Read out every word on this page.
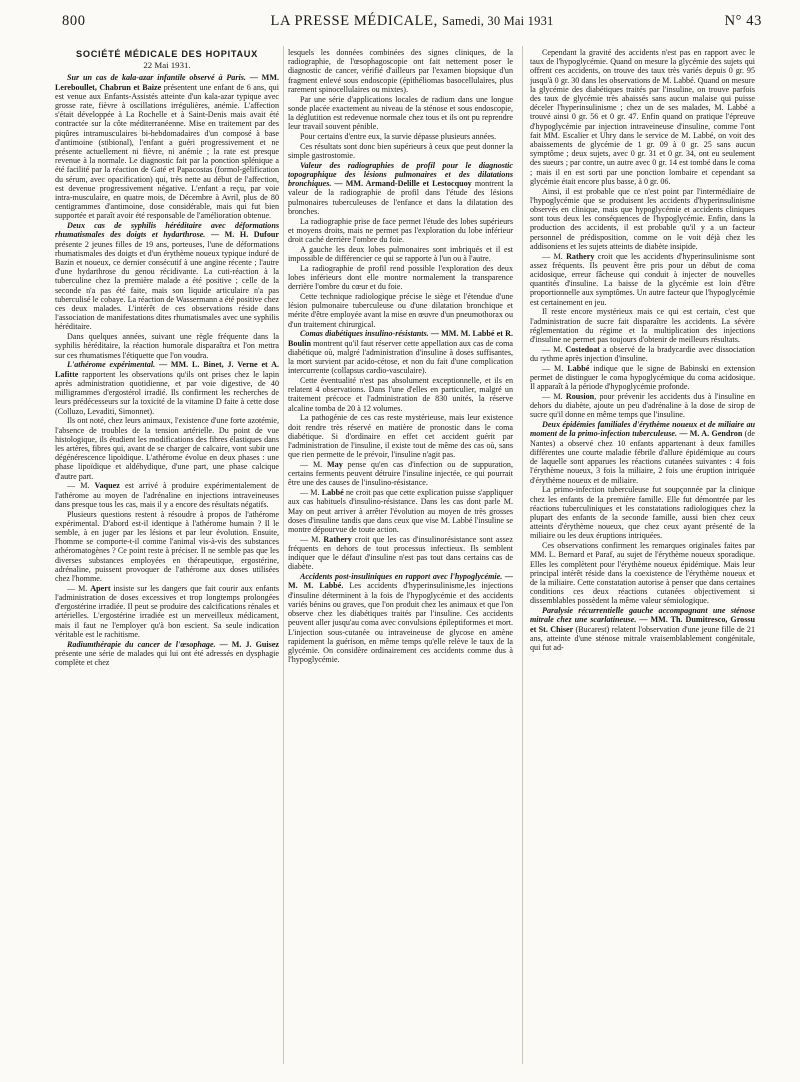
800	LA PRESSE MÉDICALE, Samedi, 30 Mai 1931	N° 43
SOCIÉTÉ MÉDICALE DES HOPITAUX
22 Mai 1931.

Sur un cas de kala-azar infantile observé à Paris. — MM. Lereboullet, Chabrun et Baize présentent une enfant de 6 ans, qui est venue aux Enfants-Assistés atteinte d'un kala-azar typique avec grosse rate, fièvre à oscillations irrégulières, anémie. L'affection s'était développée à La Rochelle et à Saint-Denis mais avait été contractée sur la côte méditerranéenne. Mise en traitement par des piqûres intramusculaires bi-hebdomadaires d'un composé à base d'antimoine (stibional), l'enfant a guéri progressivement et ne présente actuellement ni fièvre, ni anémie ; la rate est presque revenue à la normale. Le diagnostic fait par la ponction splénique a été facilité par la réaction de Gaté et Papacostas (formol-gélification du sérum, avec opacification) qui, très nette au début de l'affection, est devenue progressivement négative. L'enfant a reçu, par voie intra-musculaire, en quatre mois, de Décembre à Avril, plus de 80 centigrammes d'antimoine, dose considérable, mais qui fut bien supportée et paraît avoir été responsable de l'amélioration obtenue.

Deux cas de syphilis héréditaire avec déformations rhumatismales des doigts et hydarthrose. — M. H. Dufour présente 2 jeunes filles de 19 ans, porteuses, l'une de déformations rhumatismales des doigts et d'un érythème noueux typique induré de Bazin et noueux, ce dernier consécutif à une angine récente ; l'autre d'une hydarthrose du genou récidivante. La cuti-réaction à la tuberculine chez la première malade a été positive ; celle de la seconde n'a pas été faite, mais son liquide articulaire n'a pas tuberculisé le cobaye. La réaction de Wassermann a été positive chez ces deux malades. L'intérêt de ces observations réside dans l'association de manifestations dites rhumatismales avec une syphilis héréditaire.

Dans quelques années, suivant une règle fréquente dans la syphilis héréditaire, la réaction humorale disparaîtra et l'on mettra sur ces rhumatismes l'étiquette que l'on voudra.

L'athérome expérimental. — MM. L. Binet, J. Verne et A. Lafitte rapportent les observations qu'ils ont prises chez le lapin après administration quotidienne, et par voie digestive, de 40 milligrammes d'ergostérol irradié. Ils confirment les recherches de leurs prédécesseurs sur la toxicité de la vitamine D faite à cette dose (Colluzo, Levaditi, Simonnet).

Ils ont noté, chez leurs animaux, l'existence d'une forte azotémie, l'absence de troubles de la tension artérielle. Du point de vue histologique, ils étudient les modifications des fibres élastiques dans les artères, fibres qui, avant de se charger de calcaire, vont subir une dégénérescence lipoïdique. L'athérome évolue en deux phases : une phase lipoïdique et aldéhydique, d'une part, une phase calcique d'autre part.

— M. Vaquez est arrivé à produire expérimentalement de l'athérome au moyen de l'adrénaline en injections intraveineuses dans presque tous les cas, mais il y a encore des résultats négatifs.

Plusieurs questions restent à résoudre à propos de l'athérome expérimental. D'abord est-il identique à l'athérome humain ? Il le semble, à en juger par les lésions et par leur évolution. Ensuite, l'homme se comporte-t-il comme l'animal vis-à-vis des substances athéromatogènes ? Ce point reste à préciser. Il ne semble pas que les diverses substances employées en thérapeutique, ergostérine, adrénaline, puissent provoquer de l'athérome aux doses utilisées chez l'homme.

— M. Apert insiste sur les dangers que fait courir aux enfants l'administration de doses excessives et trop longtemps prolongées d'ergostérine irradiée. Il peut se produire des calcifications rénales et artérielles. L'ergostérine irradiée est un merveilleux médicament, mais il faut ne l'employer qu'à bon escient. Sa seule indication véritable est le rachitisme.

Radiumthérapie du cancer de l'œsophage. — M. J. Guisez présente une série de malades qui lui ont été adressés en dysphagie complète et chez

lesquels les données combinées des signes cliniques, de la radiographie, de l'œsophagoscopie ont fait nettement poser le diagnostic de cancer, vérifié d'ailleurs par l'examen biopsique d'un fragment enlevé sous endoscopie (épithéliomas basocellulaires, plus rarement spinocellulaires ou mixtes).

Par une série d'applications locales de radium dans une longue sonde placée exactement au niveau de la sténose et sous endoscopie, la déglutition est redevenue normale chez tous et ils ont pu reprendre leur travail souvent pénible.

Pour certains d'entre eux, la survie dépasse plusieurs années.

Ces résultats sont donc bien supérieurs à ceux que peut donner la simple gastrostomie.

Valeur des radiographies de profil pour le diagnostic topographique des lésions pulmonaires et des dilatations bronchiques. — MM. Armand-Delille et Lestocquoy montrent la valeur de la radiographie de profil dans l'étude des lésions pulmonaires tuberculeuses de l'enfance et dans la dilatation des bronches.

La radiographie prise de face permet l'étude des lobes supérieurs et moyens droits, mais ne permet pas l'exploration du lobe inférieur droit caché derrière l'ombre du foie.

A gauche les deux lobes pulmonaires sont imbriqués et il est impossible de différencier ce qui se rapporte à l'un ou à l'autre.

La radiographie de profil rend possible l'exploration des deux lobes inférieurs dont elle montre normalement la transparence derrière l'ombre du cœur et du foie.

Cette technique radiologique précise le siège et l'étendue d'une lésion pulmonaire tuberculeuse ou d'une dilatation bronchique et mérite d'être employée avant la mise en œuvre d'un pneumothorax ou d'un traitement chirurgical.

Comas diabétiques insulino-résistants. — MM. M. Labbé et R. Boulin montrent qu'il faut réserver cette appellation aux cas de coma diabétique où, malgré l'administration d'insuline à doses suffisantes, la mort survient par acido-cétose, et non du fait d'une complication intercurrente (collapsus cardio-vasculaire).

Cette éventualité n'est pas absolument exceptionnelle, et ils en relatent 4 observations. Dans l'une d'elles en particulier, malgré un traitement précoce et l'administration de 830 unités, la réserve alcaline tomba de 20 à 12 volumes.

La pathogénie de ces cas reste mystérieuse, mais leur existence doit rendre très réservé en matière de pronostic dans le coma diabétique. Si d'ordinaire en effet cet accident guérit par l'administration de l'insuline, il existe tout de même des cas où, sans que rien permette de le prévoir, l'insuline n'agit pas.

— M. May pense qu'en cas d'infection ou de suppuration, certains ferments peuvent détruire l'insuline injectée, ce qui pourrait être une des causes de l'insulino-résistance.

— M. Labbé ne croit pas que cette explication puisse s'appliquer aux cas habituels d'insulino-résistance. Dans les cas dont parle M. May on peut arriver à arrêter l'évolution au moyen de très grosses doses d'insuline tandis que dans ceux que vise M. Labbé l'insuline se montre dépourvue de toute action.

— M. Rathery croit que les cas d'insulinorésistance sont assez fréquents en dehors de tout processus infectieux. Ils semblent indiquer que le défaut d'insuline n'est pas tout dans certains cas de diabète.

Accidents post-insuliniques en rapport avec l'hypoglycémie. — M. M. Labbé. Les accidents d'hyperinsulinisme,les injections d'insuline déterminent à la fois de l'hypoglycémie et des accidents variés bénins ou graves, que l'on produit chez les animaux et que l'on observe chez les diabétiques traités par l'insuline. Ces accidents peuvent aller jusqu'au coma avec convulsions épileptiformes et mort. L'injection sous-cutanée ou intraveineuse de glycose en amène rapidement la guérison, en même temps qu'elle relève le taux de la glycémie. On considère ordinairement ces accidents comme dus à l'hypoglycémie.

Cependant la gravité des accidents n'est pas en rapport avec le taux de l'hypoglycémie. Quand on mesure la glycémie des sujets qui offrent ces accidents, on trouve des taux très variés depuis 0 gr. 95 jusqu'à 0 gr. 30 dans les observations de M. Labbé. Quand on mesure la glycémie des diabétiques traités par l'insuline, on trouve parfois des taux de glycémie très abaissés sans aucun malaise qui puisse déceler l'hyperinsulinisme ; chez un de ses malades, M. Labbé a trouvé ainsi 0 gr. 56 et 0 gr. 47. Enfin quand on pratique l'épreuve d'hypoglycémie par injection intraveineuse d'insuline, comme l'ont fait MM. Escalier et Uhry dans le service de M. Labbé, on voit des abaissements de glycémie de 1 gr. 09 à 0 gr. 25 sans aucun symptôme ; deux sujets, avec 0 gr. 31 et 0 gr. 34, ont eu seulement des sueurs ; par contre, un autre avec 0 gr. 14 est tombé dans le coma ; mais il en est sorti par une ponction lombaire et cependant sa glycémie était encore plus basse, à 0 gr. 06.

Ainsi, il est probable que ce n'est point par l'intermédiaire de l'hypoglycémie que se produisent les accidents d'hyperinsulinisme observés en clinique, mais que hypoglycémie et accidents cliniques sont tous deux les conséquences de l'hypoglycémie. Enfin, dans la production des accidents, il est probable qu'il y a un facteur personnel de prédisposition, comme on le voit déjà chez les addisoniens et les sujets atteints de diabète insipide.

— M. Rathery croit que les accidents d'hyperinsulinisme sont assez fréquents. Ils peuvent être pris pour un début de coma acidosique, erreur fâcheuse qui conduit à injecter de nouvelles quantités d'insuline. La baisse de la glycémie est loin d'être proportionnelle aux symptômes. Un autre facteur que l'hypoglycémie est certainement en jeu.

Il reste encore mystérieux mais ce qui est certain, c'est que l'administration de sucre fait disparaître les accidents. La sévère réglementation du régime et la multiplication des injections d'insuline ne permet pas toujours d'obtenir de meilleurs résultats.

— M. Costedoat a observé de la bradycardie avec dissociation du rythme après injection d'insuline.

— M. Labbé indique que le signe de Babinski en extension permet de distinguer le coma hypoglycémique du coma acidosique. Il apparaît à la période d'hypoglycémie profonde.

— M. Rousion, pour prévenir les accidents dus à l'insuline en dehors du diabète, ajoute un peu d'adrénaline à la dose de sirop de sucre qu'il donne en même temps que l'insuline.

Deux épidémies familiales d'érythème noueux et de miliaire au moment de la primo-infection tuberculeuse. — M. A. Gendron (de Nantes) a observé chez 10 enfants appartenant à deux familles différentes une courte maladie fébrile d'allure épidémique au cours de laquelle sont apparues les réactions cutanées suivantes : 4 fois l'érythème noueux, 3 fois la miliaire, 2 fois une éruption intriquée d'érythème noueux et de miliaire.

La primo-infection tuberculeuse fut soupçonnée par la clinique chez les enfants de la première famille. Elle fut démontrée par les réactions tuberculiniques et les constatations radiologiques chez la plupart des enfants de la seconde famille, aussi bien chez ceux atteints d'érythème noueux, que chez ceux ayant présenté de la miliaire ou les deux éruptions intriquées.

Ces observations confirment les remarques originales faites par MM. L. Bernard et Paraf, au sujet de l'érythème noueux sporadique. Elles les complètent pour l'érythème noueux épidémique. Mais leur principal intérêt réside dans la coexistence de l'érythème noueux et de la miliaire. Cette constatation autorise à penser que dans certaines conditions ces deux réactions cutanées objectivement si dissemblables possèdent la même valeur sémiologique.

Paralysie récurrentielle gauche accompagnant une sténose mitrale chez une scarlatineuse. — MM. Th. Dumitresco, Grossu et St. Chiser (Bucarest) relatent l'observation d'une jeune fille de 21 ans, atteinte d'une sténose mitrale vraisemblablement congénitale, qui fut ad-
